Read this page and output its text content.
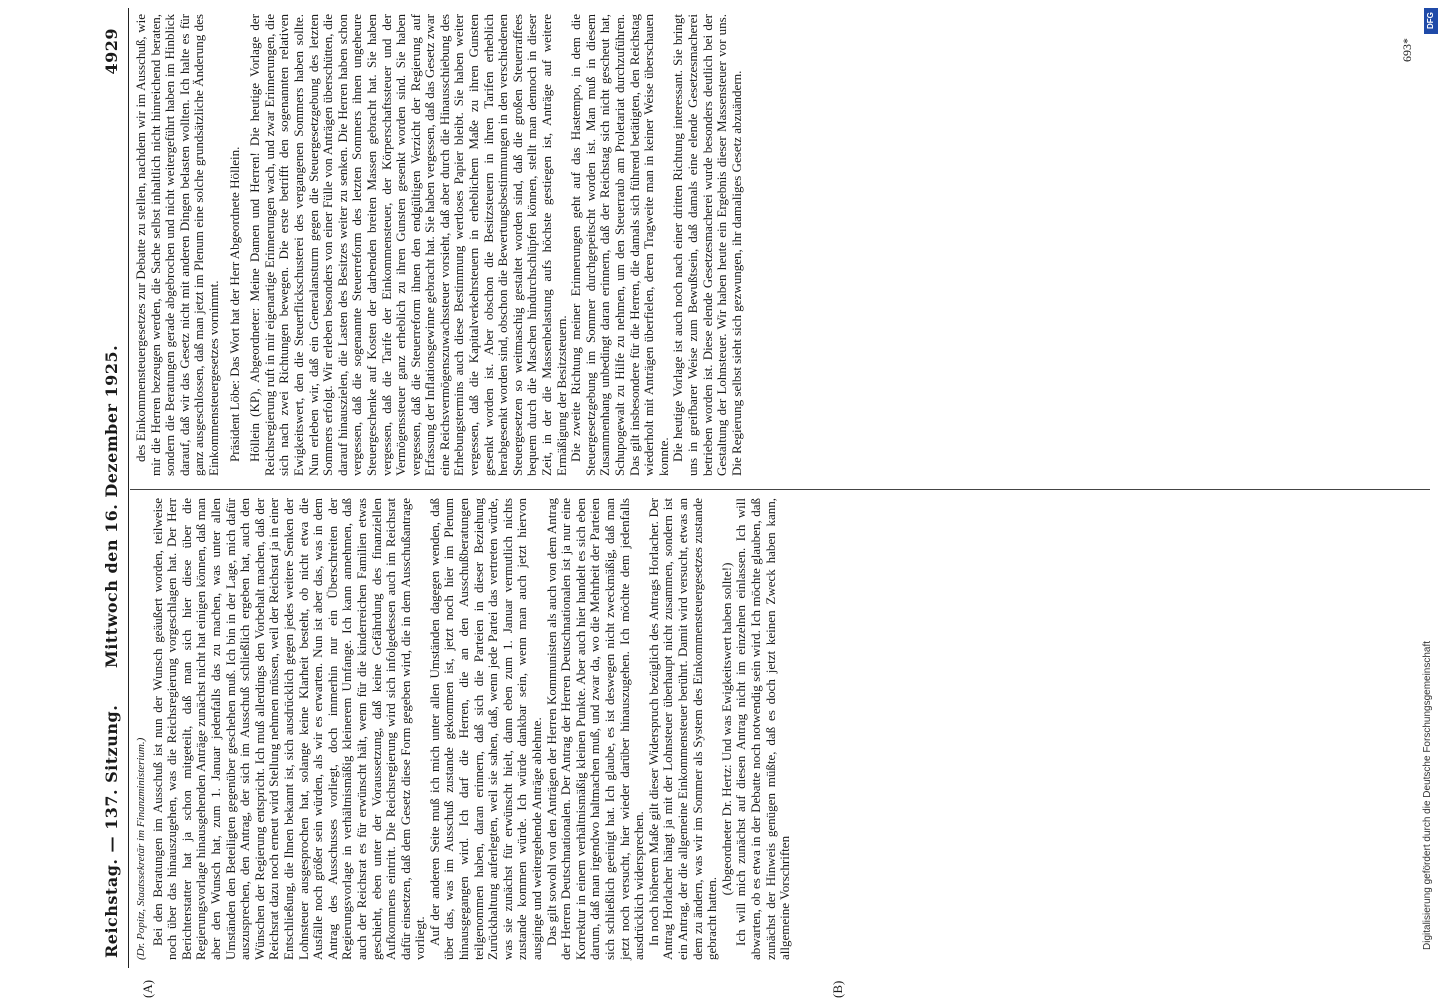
Reichstag. — 137. Sitzung.
Mittwoch den 16. Dezember 1925.
4929
(A)	(B)

(Dr. Popitz, Staatssekretär im Finanzministerium.) Bei den Beratungen im Ausschuß ist nun der Wunsch geäußert worden, teilweise noch über das hinauszugehen, was die Reichsregierung vorgeschlagen hat. Der Herr Berichterstatter hat ja schon mitgeteilt, daß man sich hier diese über die Regierungsvorlage hinausgehenden Anträge zunächst nicht hat einigen können, daß man aber den Wunsch hat, zum 1. Januar jedenfalls das zu machen, was unter allen Umständen den Beteiligten gegenüber geschehen muß. Ich bin in der Lage, mich dafür auszusprechen, den Antrag, der sich im Ausschuß schließlich ergeben hat, auch den Wünschen der Regierung entspricht. Ich muß allerdings den Vorbehalt machen, daß der Reichsrat dazu noch erneut wird Stellung nehmen müssen, weil der Reichsrat ja in einer Entschließung, die Ihnen bekannt ist, sich ausdrücklich gegen jedes weitere Senken der Lohnsteuer ausgesprochen hat, solange keine Klarheit besteht, ob nicht etwa die Ausfälle noch größer sein würden, als wir es erwarten. Nun ist aber das, was in dem Antrag des Ausschusses vorliegt, doch immerhin nur ein Überschreiten der Regierungsvorlage in verhältnismäßig kleinerem Umfange. Ich kann annehmen, daß auch der Reichsrat es für erwünscht hält, wenn für die kinderreichen Familien etwas geschieht, eben unter der Voraussetzung, daß keine Gefährdung des finanziellen Aufkommens eintritt. Die Reichsregierung wird sich infolgedessen auch im Reichsrat dafür einsetzen, daß dem Gesetz diese Form gegeben wird, die in dem Ausschußantrage vorliegt. Auf der anderen Seite muß ich mich unter allen Umständen dagegen wenden, daß über das, was im Ausschuß zustande gekommen ist, jetzt noch hier im Plenum hinausgegangen wird. Ich darf die Herren, die an den Ausschußberatungen teilgenommen haben, daran erinnern, daß sich die Parteien in dieser Beziehung Zurückhaltung auferlegten, weil sie sahen, daß, wenn jede Partei das vertreten würde, was sie zunächst für erwünscht hielt, dann eben zum 1. Januar vermutlich nichts zustande kommen würde. Ich würde dankbar sein, wenn man auch jetzt hiervon ausginge und weitergehende Anträge ablehnte. Das gilt sowohl von den Anträgen der Herren Kommunisten als auch von dem Antrag der Herren Deutschnationalen. Der Antrag der Herren Deutschnationalen ist ja nur eine Korrektur in einem verhältnismäßig kleinen Punkte. Aber auch hier handelt es sich eben darum, daß man irgendwo haltmachen muß, und zwar da, wo die Mehrheit der Parteien sich schließlich geeinigt hat. Ich glaube, es ist deswegen nicht zweckmäßig, daß man jetzt noch versucht, hier wieder darüber hinauszugehen. Ich möchte dem jedenfalls ausdrücklich widersprechen. In noch höherem Maße gilt dieser Widerspruch bezüglich des Antrags Horlacher. Der Antrag Horlacher hängt ja mit der Lohnsteuer überhaupt nicht zusammen, sondern ist ein Antrag, der die allgemeine Einkommensteuer berührt. Damit wird versucht, etwas an dem zu ändern, was wir im Sommer als System des Einkommensteuergesetzes zustande gebracht hatten.

(Abgeordneter Dr. Hertz: Und was Ewigkeitswert haben sollte!) Ich will mich zunächst auf diesen Antrag nicht im einzelnen einlassen. Ich will abwarten, ob es etwa in der Debatte noch notwendig sein wird. Ich möchte glauben, daß zunächst der Hinweis genügen müßte, daß es doch jetzt keinen Zweck haben kann, allgemeine Vorschriften

des Einkommensteuergesetzes zur Debatte zu stellen, nachdem wir im Ausschuß, wie mir die Herren bezeugen werden, die Sache selbst inhaltlich nicht hinreichend beraten, sondern die Beratungen gerade abgebrochen und nicht weitergeführt haben im Hinblick darauf, daß wir das Gesetz nicht mit anderen Dingen belasten wollten. Ich halte es für ganz ausgeschlossen, daß man jetzt im Plenum eine solche grundsätzliche Änderung des Einkommensteuergesetzes vornimmt. Präsident Löbe: Das Wort hat der Herr Abgeordnete Höllein. Höllein (KP), Abgeordneter: Meine Damen und Herren! Die heutige Vorlage der Reichsregierung ruft in mir eigenartige Erinnerungen wach, und zwar Erinnerungen, die sich nach zwei Richtungen bewegen. Die erste betrifft den sogenannten relativen Ewigkeitswert, den die Steuerflickschusterei des vergangenen Sommers haben sollte. Nun erleben wir, daß ein Generalansturm gegen die Steuergesetzgebung des letzten Sommers erfolgt. Wir erleben besonders von einer Fülle von Anträgen überschütten, die darauf hinauszielen, die Lasten des Besitzes weiter zu senken. Die Herren haben schon vergessen, daß die sogenannte Steuerreform des letzten Sommers ihnen ungeheure Steuergeschenke auf Kosten der darbenden breiten Massen gebracht hat. Sie haben vergessen, daß die Tarife der Einkommensteuer, der Körperschaftssteuer und der Vermögenssteuer ganz erheblich zu ihren Gunsten gesenkt worden sind. Sie haben vergessen, daß die Steuerreform ihnen den endgültigen Verzicht der Regierung auf Erfassung der Inflationsgewinne gebracht hat. Sie haben vergessen, daß das Gesetz zwar eine Reichsvermögenszuwachssteuer vorsieht, daß aber durch die Hinausschiebung des Erhebungstermins auch diese Bestimmung wertloses Papier bleibt. Sie haben weiter vergessen, daß die Kapitalverkehrsteuern in erheblichem Maße zu ihren Gunsten gesenkt worden ist. Aber obschon die Besitzsteuern in ihren Tarifen erheblich herabgesenkt worden sind, obschon die Bewertungsbestimmungen in den verschiedenen Steuergesetzen so weitmaschig gestaltet worden sind, daß die großen Steuerraffees bequem durch die Maschen hindurchschlüpfen können, stellt man dennoch in dieser Zeit, in der die Massenbelastung aufs höchste gestiegen ist, Anträge auf weitere Ermäßigung der Besitzsteuern. Die zweite Richtung meiner Erinnerungen geht auf das Hastempo, in dem die Steuergesetzgebung im Sommer durchgepeitscht worden ist. Man muß in diesem Zusammenhang unbedingt daran erinnern, daß der Reichstag sich nicht gescheut hat, Schupogewalt zu Hilfe zu nehmen, um den Steuerraub am Proletariat durchzuführen. Das gilt insbesondere für die Herren, die damals sich führend betätigten, den Reichstag wiederholt mit Anträgen überfielen, deren Tragweite man in keiner Weise überschauen konnte. Die heutige Vorlage ist auch noch nach einer dritten Richtung interessant. Sie bringt uns in greifbarer Weise zum Bewußtsein, daß damals eine elende Gesetzesmacherei betrieben worden ist. Diese elende Gesetzesmacherei wurde besonders deutlich bei der Gestaltung der Lohnsteuer. Wir haben heute ein Ergebnis dieser Massensteuer vor uns. Die Regierung selbst sieht sich gezwungen, ihr damaliges Gesetz abzuändern.

693*
DFG
Digitalisierung gefördert durch die Deutsche Forschungsgemeinschaft
